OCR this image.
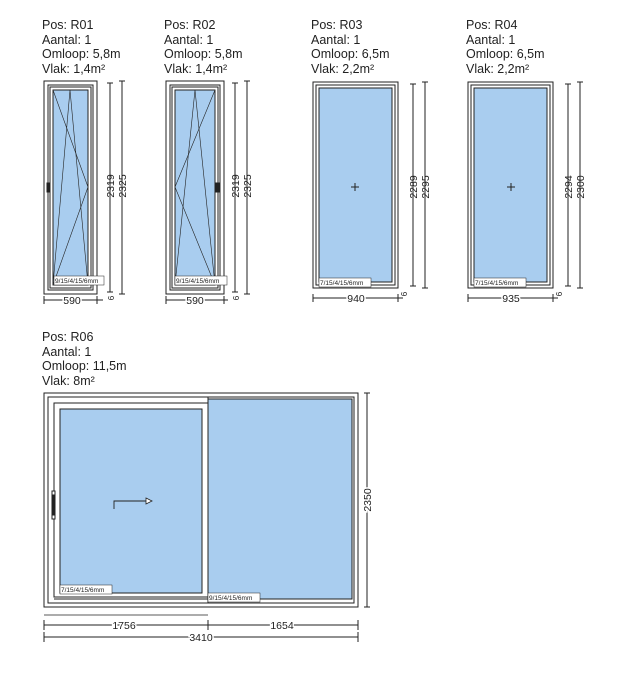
Pos: R01
Aantal: 1
Omloop: 5,8m
Vlak: 1,4m²
Pos: R02
Aantal: 1
Omloop: 5,8m
Vlak: 1,4m²
Pos: R03
Aantal: 1
Omloop: 6,5m
Vlak: 2,2m²
Pos: R04
Aantal: 1
Omloop: 6,5m
Vlak: 2,2m²
Pos: R06
Aantal: 1
Omloop: 11,5m
Vlak: 8m²
9/15/4/15/6mm
2319 2325
590	6
9/15/4/15/6mm
2319 2325
590	6
7/15/4/15/6mm
2289 2295
940	6
7/15/4/15/6mm
2294 2300
935	6
7/15/4/15/6mm
9/15/4/15/6mm
2350
1756	1654
3410
